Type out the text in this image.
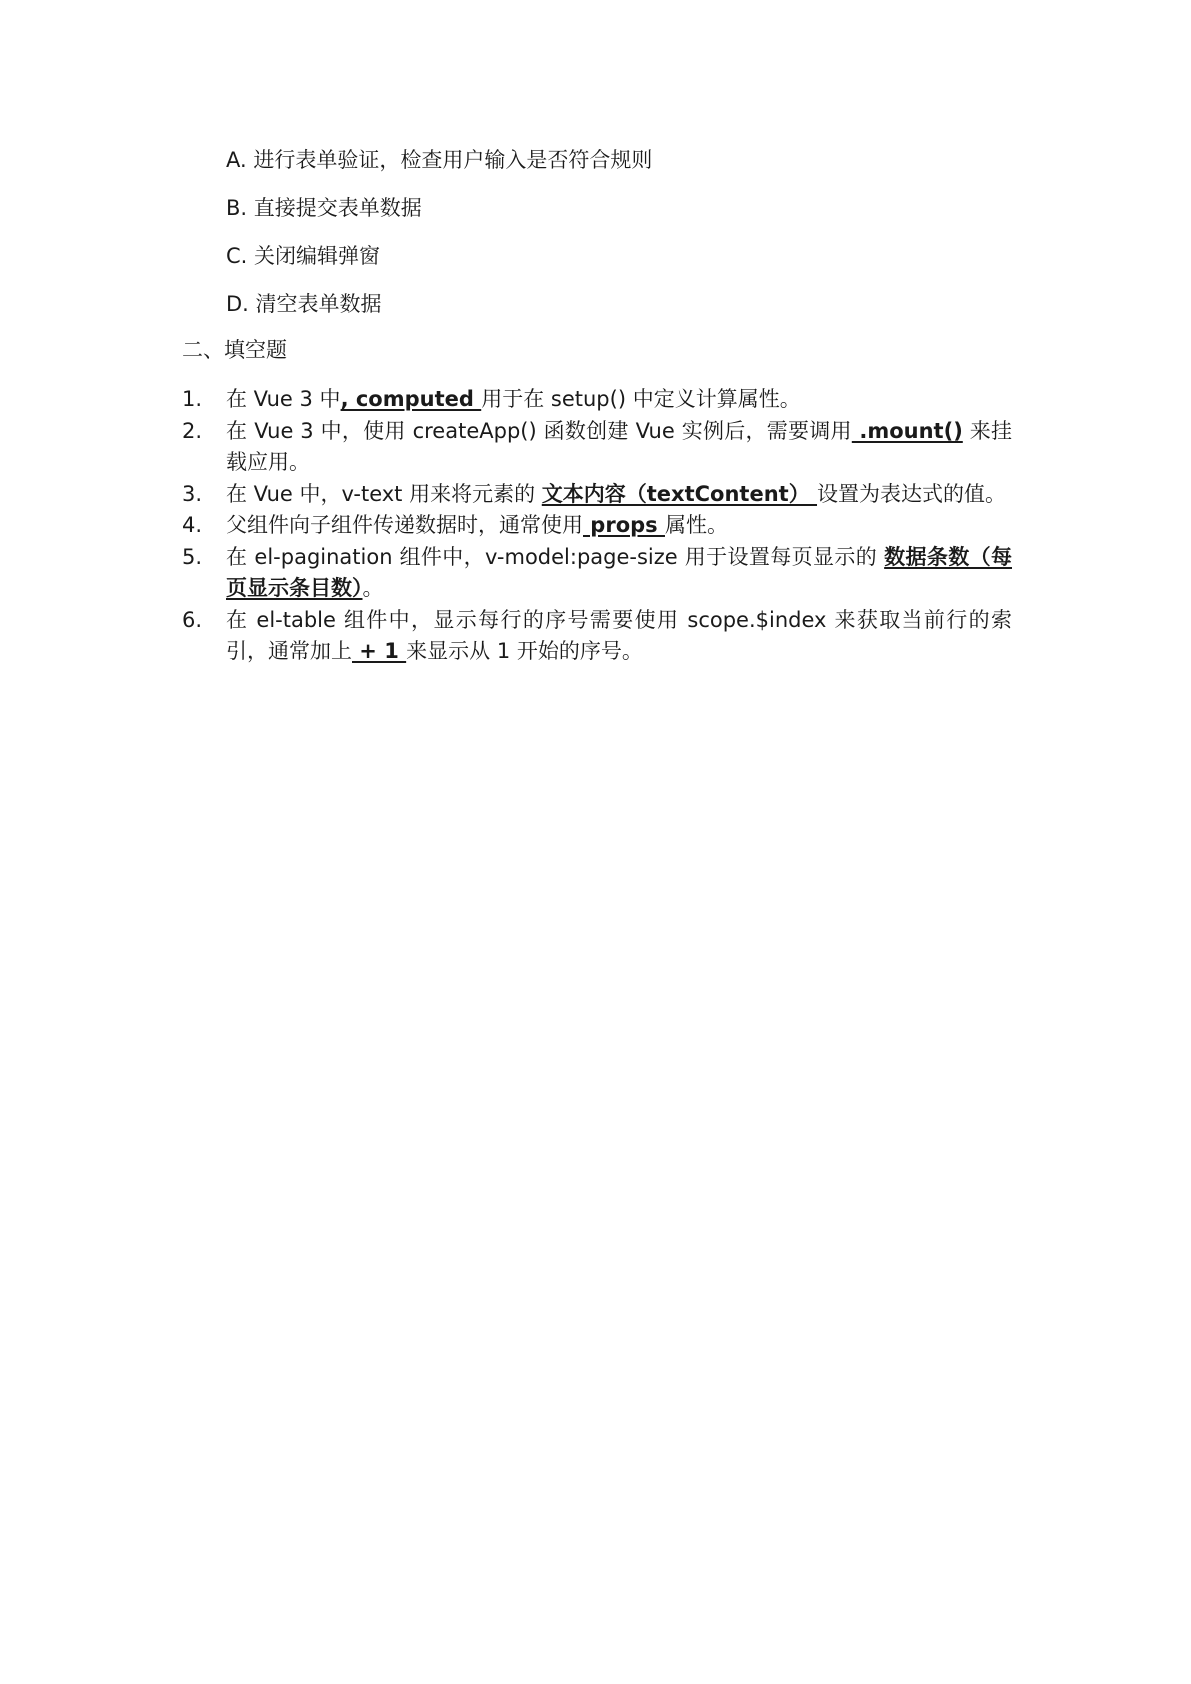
A. 进行表单验证，检查用户输入是否符合规则
B. 直接提交表单数据
C. 关闭编辑弹窗
D. 清空表单数据
二、填空题
1.	在 Vue 3 中, computed 用于在 setup() 中定义计算属性。
2.	在 Vue 3 中，使用 createApp() 函数创建 Vue 实例后，需要调用 .mount() 来挂载应用。
3.	在 Vue 中，v-text 用来将元素的 文本内容（textContent） 设置为表达式的值。
4.	父组件向子组件传递数据时，通常使用 props 属性。
5.	在 el-pagination 组件中，v-model:page-size 用于设置每页显示的 数据条数（每页显示条目数）。
6.	在 el-table 组件中，显示每行的序号需要使用 scope.$index 来获取当前行的索引，通常加上 + 1 来显示从 1 开始的序号。
